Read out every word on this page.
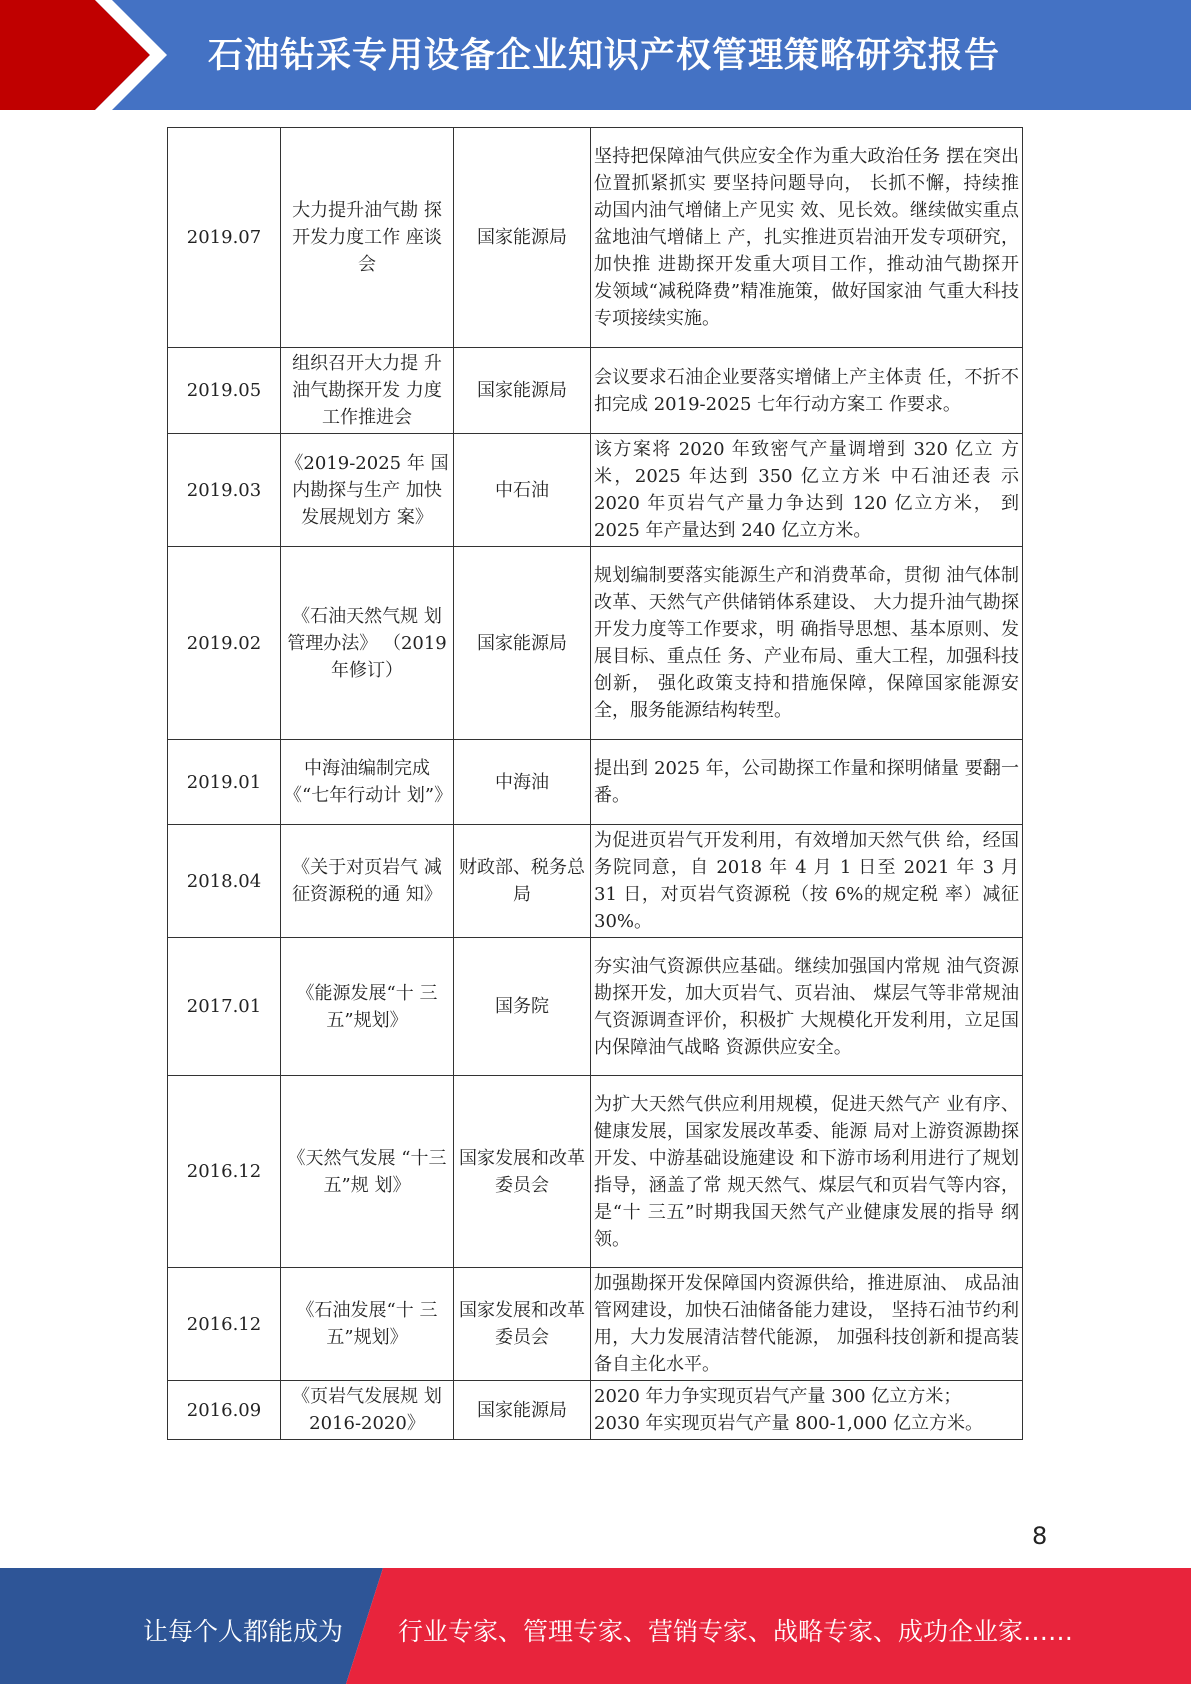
石油钻采专用设备企业知识产权管理策略研究报告
2019.07	大力提升油气勘 探开发力度工作 座谈会	国家能源局	坚持把保障油气供应安全作为重大政治任务 摆在突出位置抓紧抓实 要坚持问题导向， 长抓不懈，持续推动国内油气增储上产见实 效、见长效。继续做实重点盆地油气增储上 产，扎实推进页岩油开发专项研究，加快推 进勘探开发重大项目工作，推动油气勘探开 发领域“减税降费”精准施策，做好国家油 气重大科技专项接续实施。
2019.05	组织召开大力提 升油气勘探开发 力度工作推进会	国家能源局	会议要求石油企业要落实增储上产主体责 任，不折不扣完成 2019-2025 七年行动方案工 作要求。
2019.03	《2019-2025 年 国内勘探与生产 加快发展规划方 案》	中石油	该方案将 2020 年致密气产量调增到 320 亿立 方米，2025 年达到 350 亿立方米 中石油还表 示 2020 年页岩气产量力争达到 120 亿立方米， 到 2025 年产量达到 240 亿立方米。
2019.02	《石油天然气规 划管理办法》 （2019 年修订）	国家能源局	规划编制要落实能源生产和消费革命，贯彻 油气体制改革、天然气产供储销体系建设、 大力提升油气勘探开发力度等工作要求，明 确指导思想、基本原则、发展目标、重点任 务、产业布局、重大工程，加强科技创新， 强化政策支持和措施保障，保障国家能源安 全，服务能源结构转型。
2019.01	中海油编制完成 《“七年行动计 划”》	中海油	提出到 2025 年，公司勘探工作量和探明储量 要翻一番。
2018.04	《关于对页岩气 减征资源税的通 知》	财政部、税务总局	为促进页岩气开发利用，有效增加天然气供 给，经国务院同意，自 2018 年 4 月 1 日至 2021 年 3 月 31 日，对页岩气资源税（按 6%的规定税 率）减征 30%。
2017.01	《能源发展“十 三五”规划》	国务院	夯实油气资源供应基础。继续加强国内常规 油气资源勘探开发，加大页岩气、页岩油、 煤层气等非常规油气资源调查评价，积极扩 大规模化开发利用，立足国内保障油气战略 资源供应安全。
2016.12	《天然气发展 “十三五”规 划》	国家发展和改革委员会	为扩大天然气供应利用规模，促进天然气产 业有序、健康发展，国家发展改革委、能源 局对上游资源勘探开发、中游基础设施建设 和下游市场利用进行了规划指导，涵盖了常 规天然气、煤层气和页岩气等内容，是“十 三五”时期我国天然气产业健康发展的指导 纲领。
2016.12	《石油发展“十 三五”规划》	国家发展和改革委员会	加强勘探开发保障国内资源供给，推进原油、 成品油管网建设，加快石油储备能力建设， 坚持石油节约利用，大力发展清洁替代能源， 加强科技创新和提高装备自主化水平。
2016.09	《页岩气发展规 划 2016-2020》	国家能源局	2020 年力争实现页岩气产量 300 亿立方米；
2030 年实现页岩气产量 800-1,000 亿立方米。
8
让每个人都能成为 行业专家、管理专家、营销专家、战略专家、成功企业家……
